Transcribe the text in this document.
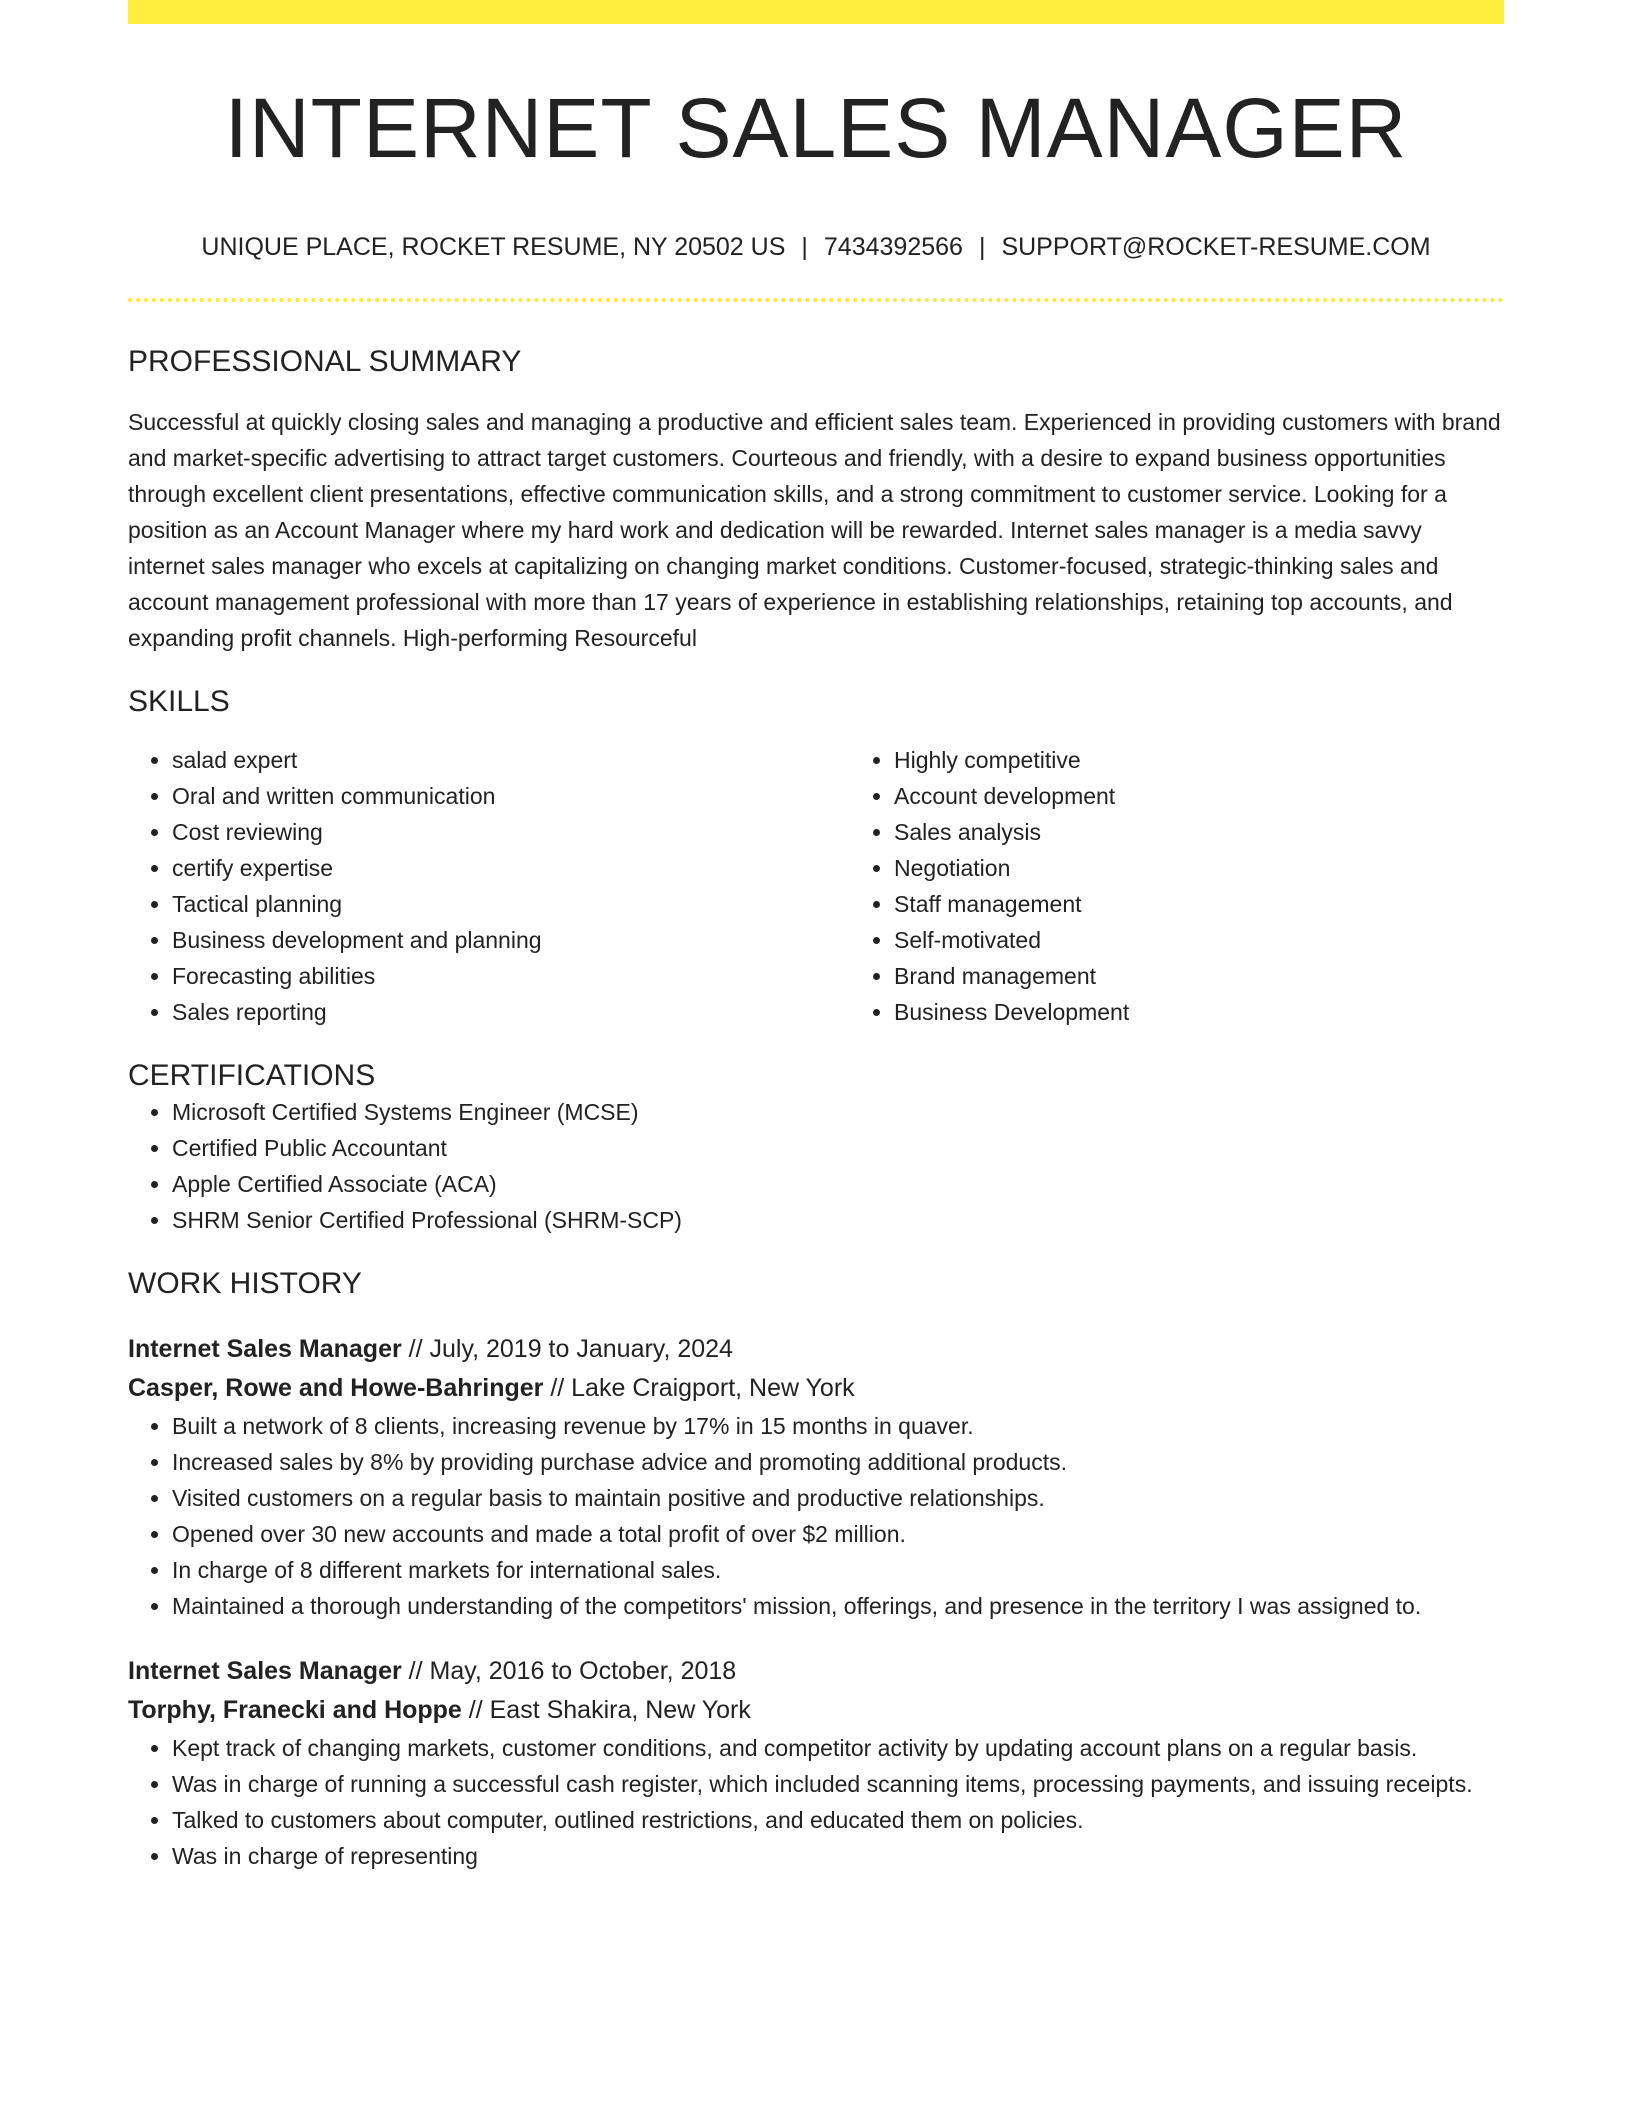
INTERNET SALES MANAGER
UNIQUE PLACE, ROCKET RESUME, NY 20502 US | 7434392566 | SUPPORT@ROCKET-RESUME.COM
PROFESSIONAL SUMMARY
Successful at quickly closing sales and managing a productive and efficient sales team. Experienced in providing customers with brand and market-specific advertising to attract target customers. Courteous and friendly, with a desire to expand business opportunities through excellent client presentations, effective communication skills, and a strong commitment to customer service. Looking for a position as an Account Manager where my hard work and dedication will be rewarded. Internet sales manager is a media savvy internet sales manager who excels at capitalizing on changing market conditions. Customer-focused, strategic-thinking sales and account management professional with more than 17 years of experience in establishing relationships, retaining top accounts, and expanding profit channels. High-performing Resourceful
SKILLS
• salad expert
• Oral and written communication
• Cost reviewing
• certify expertise
• Tactical planning
• Business development and planning
• Forecasting abilities
• Sales reporting
• Highly competitive
• Account development
• Sales analysis
• Negotiation
• Staff management
• Self-motivated
• Brand management
• Business Development
CERTIFICATIONS
• Microsoft Certified Systems Engineer (MCSE)
• Certified Public Accountant
• Apple Certified Associate (ACA)
• SHRM Senior Certified Professional (SHRM-SCP)
WORK HISTORY
Internet Sales Manager // July, 2019 to January, 2024
Casper, Rowe and Howe-Bahringer // Lake Craigport, New York
• Built a network of 8 clients, increasing revenue by 17% in 15 months in quaver.
• Increased sales by 8% by providing purchase advice and promoting additional products.
• Visited customers on a regular basis to maintain positive and productive relationships.
• Opened over 30 new accounts and made a total profit of over $2 million.
• In charge of 8 different markets for international sales.
• Maintained a thorough understanding of the competitors' mission, offerings, and presence in the territory I was assigned to.
Internet Sales Manager // May, 2016 to October, 2018
Torphy, Franecki and Hoppe // East Shakira, New York
• Kept track of changing markets, customer conditions, and competitor activity by updating account plans on a regular basis.
• Was in charge of running a successful cash register, which included scanning items, processing payments, and issuing receipts.
• Talked to customers about computer, outlined restrictions, and educated them on policies.
• Was in charge of representing
